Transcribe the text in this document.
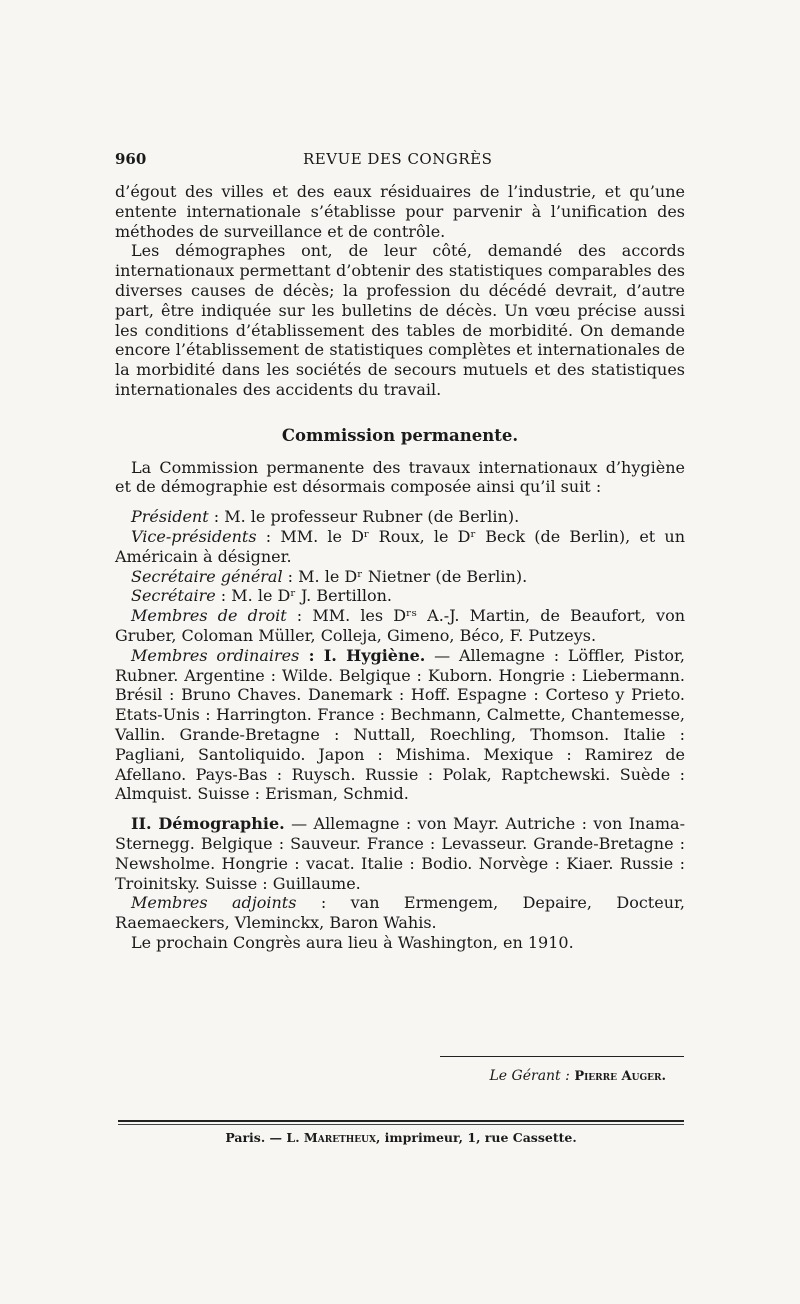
960	REVUE DES CONGRÈS

d’égout des villes et des eaux résiduaires de l’industrie, et qu’une entente internationale s’établisse pour parvenir à l’unification des méthodes de surveillance et de contrôle.

Les démographes ont, de leur côté, demandé des accords internationaux permettant d’obtenir des statistiques comparables des diverses causes de décès; la profession du décédé devrait, d’autre part, être indiquée sur les bulletins de décès. Un vœu précise aussi les conditions d’établissement des tables de morbidité. On demande encore l’établissement de statistiques complètes et internationales de la morbidité dans les sociétés de secours mutuels et des statistiques internationales des accidents du travail.

Commission permanente.

La Commission permanente des travaux internationaux d’hygiène et de démographie est désormais composée ainsi qu’il suit :

Président : M. le professeur Rubner (de Berlin).

Vice-présidents : MM. le Dʳ Roux, le Dʳ Beck (de Berlin), et un Américain à désigner.

Secrétaire général : M. le Dʳ Nietner (de Berlin).

Secrétaire : M. le Dʳ J. Bertillon.

Membres de droit : MM. les Dʳˢ A.-J. Martin, de Beaufort, von Gruber, Coloman Müller, Colleja, Gimeno, Béco, F. Putzeys.

Membres ordinaires : I. Hygiène. — Allemagne : Löffler, Pistor, Rubner. Argentine : Wilde. Belgique : Kuborn. Hongrie : Liebermann. Brésil : Bruno Chaves. Danemark : Hoff. Espagne : Corteso y Prieto. Etats-Unis : Harrington. France : Bechmann, Calmette, Chantemesse, Vallin. Grande-Bretagne : Nuttall, Roechling, Thomson. Italie : Pagliani, Santoliquido. Japon : Mishima. Mexique : Ramirez de Afellano. Pays-Bas : Ruysch. Russie : Polak, Raptchewski. Suède : Almquist. Suisse : Erisman, Schmid.

II. Démographie. — Allemagne : von Mayr. Autriche : von Inama-Sternegg. Belgique : Sauveur. France : Levasseur. Grande-Bretagne : Newsholme. Hongrie : vacat. Italie : Bodio. Norvège : Kiaer. Russie : Troinitsky. Suisse : Guillaume.

Membres adjoints : van Ermengem, Depaire, Docteur, Raemaeckers, Vleminckx, Baron Wahis.

Le prochain Congrès aura lieu à Washington, en 1910.

Le Gérant : Pierre Auger.
Paris. — L. Maretheux, imprimeur, 1, rue Cassette.
